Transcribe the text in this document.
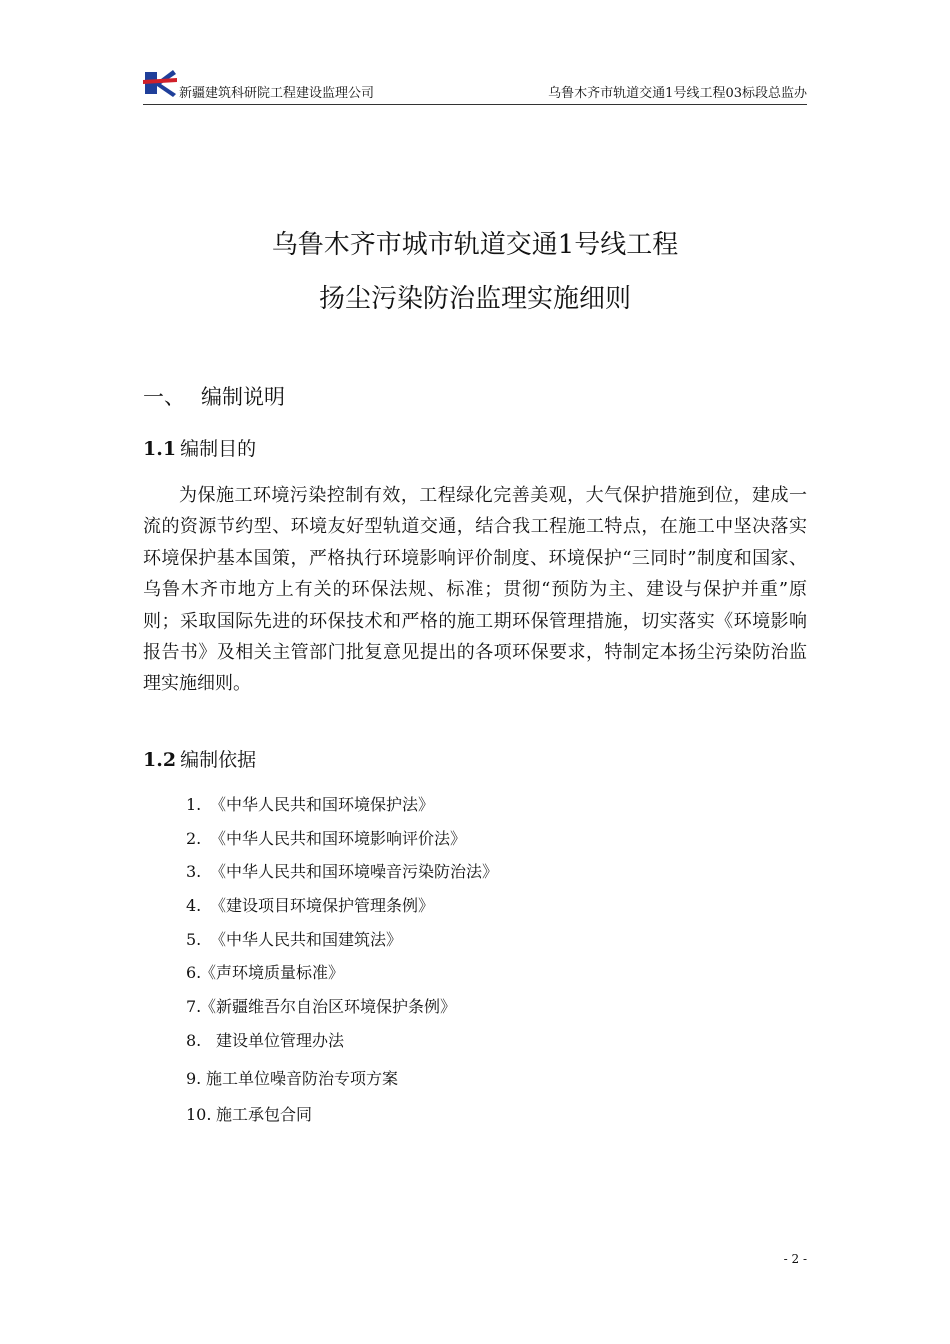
新疆建筑科研院工程建设监理公司	乌鲁木齐市轨道交通1号线工程03标段总监办
乌鲁木齐市城市轨道交通1号线工程
扬尘污染防治监理实施细则
一、 编制说明
1.1 编制目的

为保施工环境污染控制有效，工程绿化完善美观，大气保护措施到位，建成一流的资源节约型、环境友好型轨道交通，结合我工程施工特点，在施工中坚决落实环境保护基本国策，严格执行环境影响评价制度、环境保护“三同时”制度和国家、乌鲁木齐市地方上有关的环保法规、标准；贯彻“预防为主、建设与保护并重”原则；采取国际先进的环保技术和严格的施工期环保管理措施，切实落实《环境影响报告书》及相关主管部门批复意见提出的各项环保要求，特制定本扬尘污染防治监理实施细则。

1.2 编制依据
1. 《中华人民共和国环境保护法》
2. 《中华人民共和国环境影响评价法》
3. 《中华人民共和国环境噪音污染防治法》
4. 《建设项目环境保护管理条例》
5. 《中华人民共和国建筑法》
6.《声环境质量标准》
7.《新疆维吾尔自治区环境保护条例》
8. 建设单位管理办法
9. 施工单位噪音防治专项方案
10. 施工承包合同
- 2 -
